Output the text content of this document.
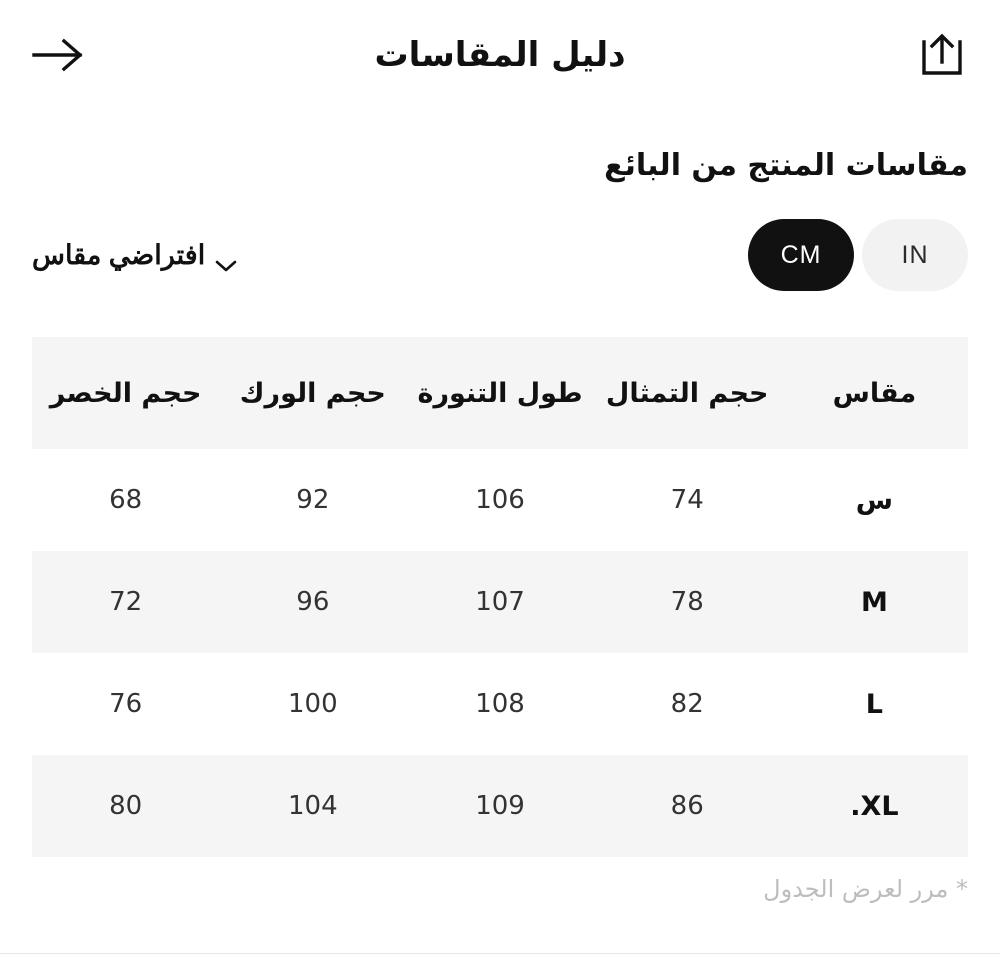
دليل المقاسات
مقاسات المنتج من البائع
افتراضي مقاس	CM	IN
مقاس	حجم التمثال	طول التنورة	حجم الورك	حجم الخصر
س	74	106	92	68
M	78	107	96	72
L	82	108	100	76
XL.	86	109	104	80
* مرر لعرض الجدول
